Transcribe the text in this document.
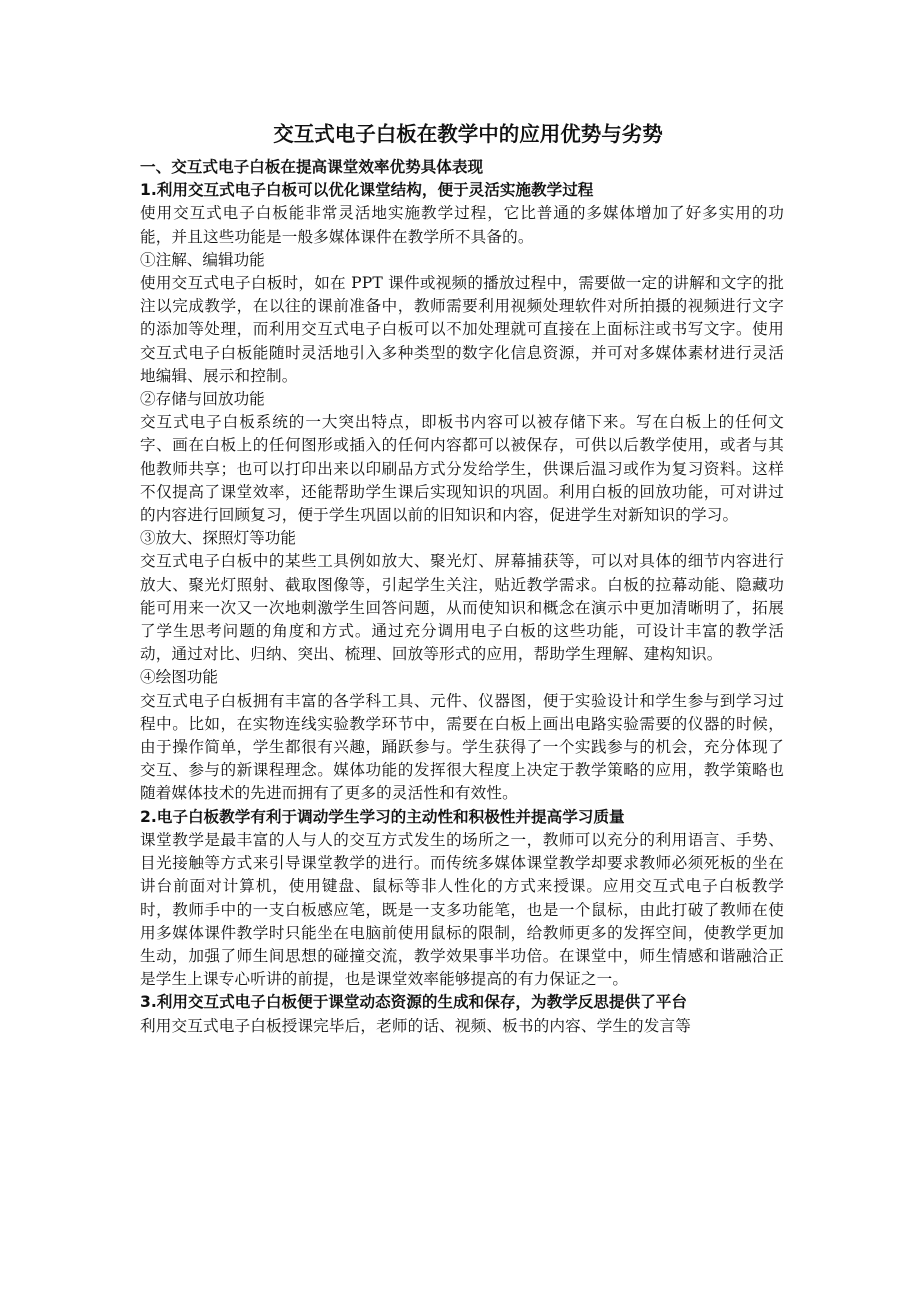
交互式电子白板在教学中的应用优势与劣势

一、交互式电子白板在提高课堂效率优势具体表现

1.利用交互式电子白板可以优化课堂结构，便于灵活实施教学过程

使用交互式电子白板能非常灵活地实施教学过程，它比普通的多媒体增加了好多实用的功能，并且这些功能是一般多媒体课件在教学所不具备的。

①注解、编辑功能

使用交互式电子白板时，如在 PPT 课件或视频的播放过程中，需要做一定的讲解和文字的批注以完成教学，在以往的课前准备中，教师需要利用视频处理软件对所拍摄的视频进行文字的添加等处理，而利用交互式电子白板可以不加处理就可直接在上面标注或书写文字。使用交互式电子白板能随时灵活地引入多种类型的数字化信息资源，并可对多媒体素材进行灵活地编辑、展示和控制。

②存储与回放功能

交互式电子白板系统的一大突出特点，即板书内容可以被存储下来。写在白板上的任何文字、画在白板上的任何图形或插入的任何内容都可以被保存，可供以后教学使用，或者与其他教师共享；也可以打印出来以印刷品方式分发给学生，供课后温习或作为复习资料。这样不仅提高了课堂效率，还能帮助学生课后实现知识的巩固。利用白板的回放功能，可对讲过的内容进行回顾复习，便于学生巩固以前的旧知识和内容，促进学生对新知识的学习。

③放大、探照灯等功能

交互式电子白板中的某些工具例如放大、聚光灯、屏幕捕获等，可以对具体的细节内容进行放大、聚光灯照射、截取图像等，引起学生关注，贴近教学需求。白板的拉幕动能、隐藏功能可用来一次又一次地刺激学生回答问题，从而使知识和概念在演示中更加清晰明了，拓展了学生思考问题的角度和方式。通过充分调用电子白板的这些功能，可设计丰富的教学活动，通过对比、归纳、突出、梳理、回放等形式的应用，帮助学生理解、建构知识。

④绘图功能

交互式电子白板拥有丰富的各学科工具、元件、仪器图，便于实验设计和学生参与到学习过程中。比如，在实物连线实验教学环节中，需要在白板上画出电路实验需要的仪器的时候，由于操作简单，学生都很有兴趣，踊跃参与。学生获得了一个实践参与的机会，充分体现了交互、参与的新课程理念。媒体功能的发挥很大程度上决定于教学策略的应用，教学策略也随着媒体技术的先进而拥有了更多的灵活性和有效性。

2.电子白板教学有利于调动学生学习的主动性和积极性并提高学习质量

课堂教学是最丰富的人与人的交互方式发生的场所之一，教师可以充分的利用语言、手势、目光接触等方式来引导课堂教学的进行。而传统多媒体课堂教学却要求教师必须死板的坐在讲台前面对计算机，使用键盘、鼠标等非人性化的方式来授课。应用交互式电子白板教学时，教师手中的一支白板感应笔，既是一支多功能笔，也是一个鼠标，由此打破了教师在使用多媒体课件教学时只能坐在电脑前使用鼠标的限制，给教师更多的发挥空间，使教学更加生动，加强了师生间思想的碰撞交流，教学效果事半功倍。在课堂中，师生情感和谐融洽正是学生上课专心听讲的前提，也是课堂效率能够提高的有力保证之一。

3.利用交互式电子白板便于课堂动态资源的生成和保存，为教学反思提供了平台

利用交互式电子白板授课完毕后，老师的话、视频、板书的内容、学生的发言等
